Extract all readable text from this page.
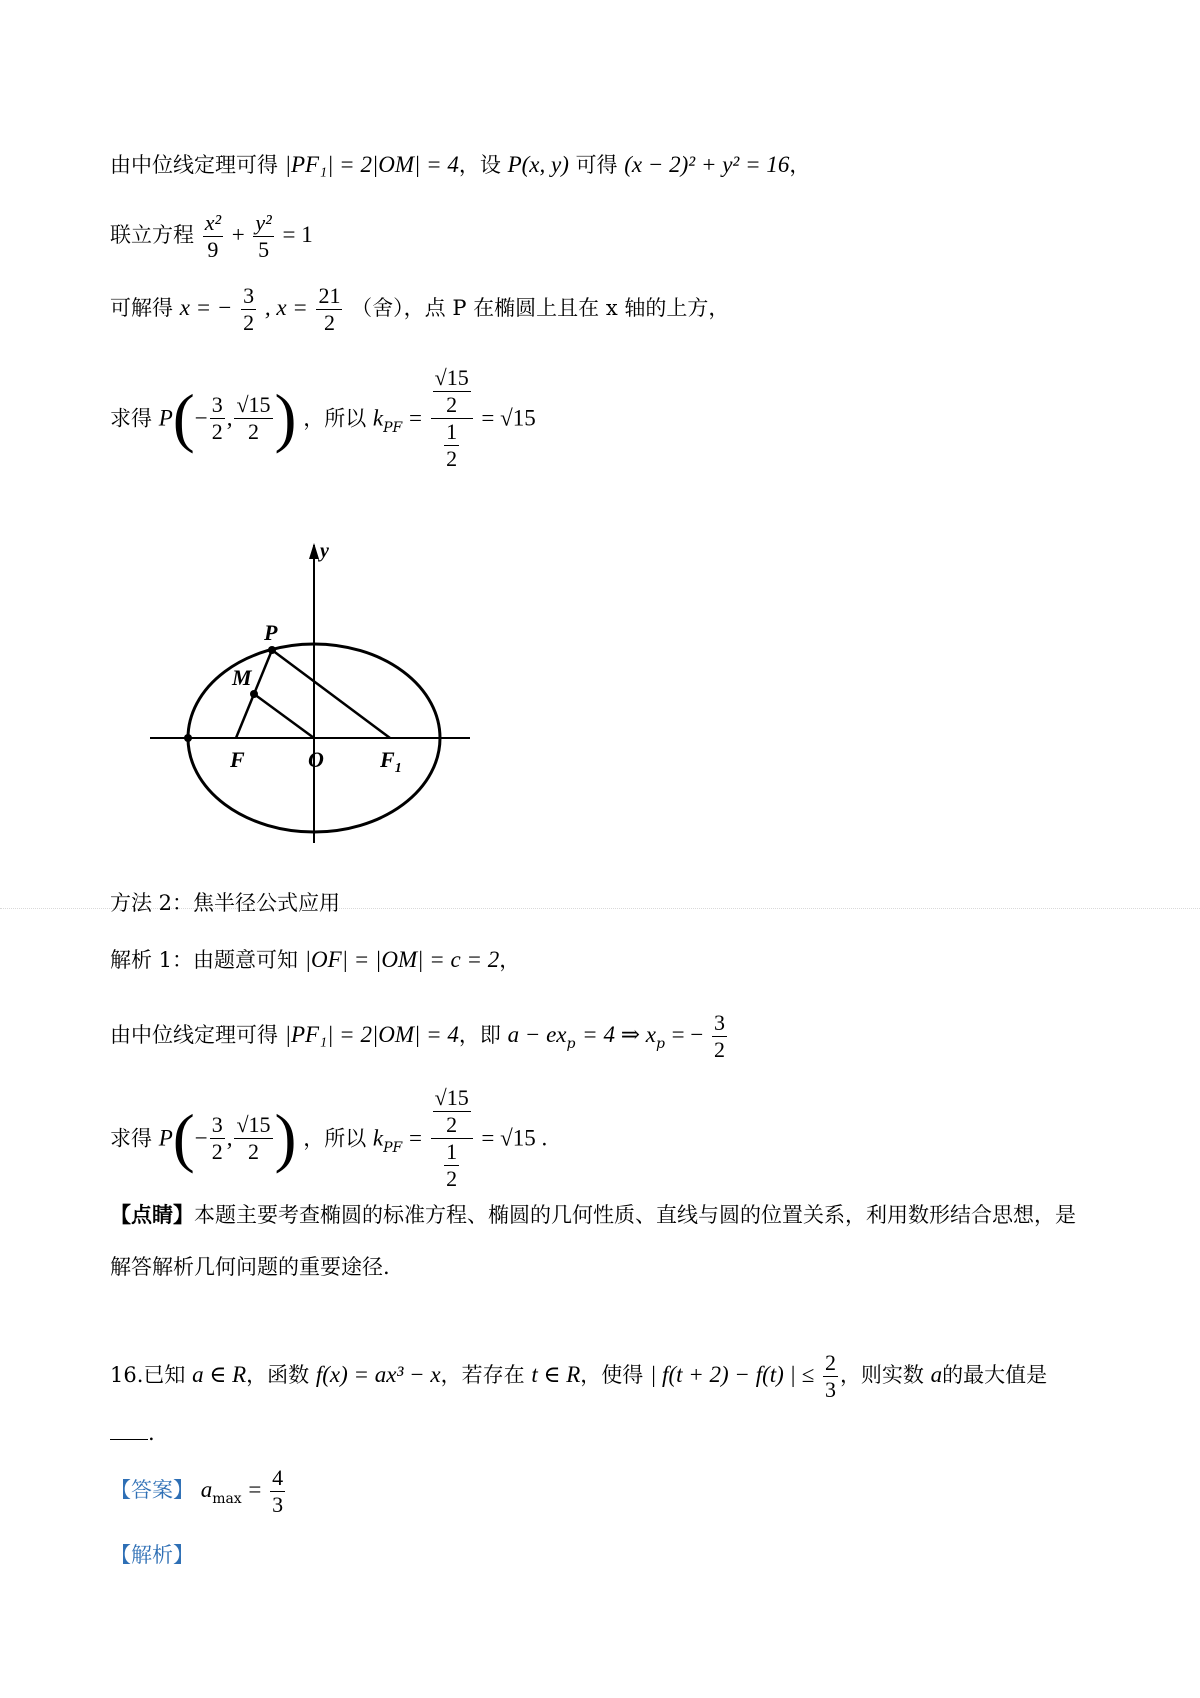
由中位线定理可得 |PF₁| = 2|OM| = 4，设 P(x, y) 可得 (x − 2)² + y² = 16，
联立方程 $\frac{\text{x²}}{9} + \frac{\text{y²}}{5} = 1$
可解得 x = − $\frac{3}{2}$ , $x = \frac{21}{2}$ （舍），点 P 在椭圆上且在 x 轴的上方，
求得 $P(- \frac{3}{2}$ , $\frac{√15}{2}$ ) ，所以 $k_{PF} = \frac{\frac{√15}{2}}{\frac{1}{2}} = √15$
y
P
M
F	O	$F_1$
方法 2：焦半径公式应用
解析 1：由题意可知 |OF| = |OM| = c = 2，
由中位线定理可得 |PF₁| = 2|OM| = 4，即 $a - ex_p = 4$ ⇒ $x_p$ = − $\frac{3}{2}$
求得 $P(- \frac{3}{2}$ , $\frac{√15}{2}$ ) ，所以 $k_{PF} = \frac{\frac{√15}{2}}{\frac{1}{2}} = √15$ .
【点睛】本题主要考查椭圆的标准方程、椭圆的几何性质、直线与圆的位置关系，利用数形结合思想，是
解答解析几何问题的重要途径.
16.已知 a ∈ R，函数 f(x) = ax³ − x，若存在 t ∈ R，使得 | f(t + 2) − f(t) | ≤ $\frac{2}{3}$ ，则实数 a的最大值是
.
【答案】 $a_{max} = \frac{4}{3}$
【解析】
